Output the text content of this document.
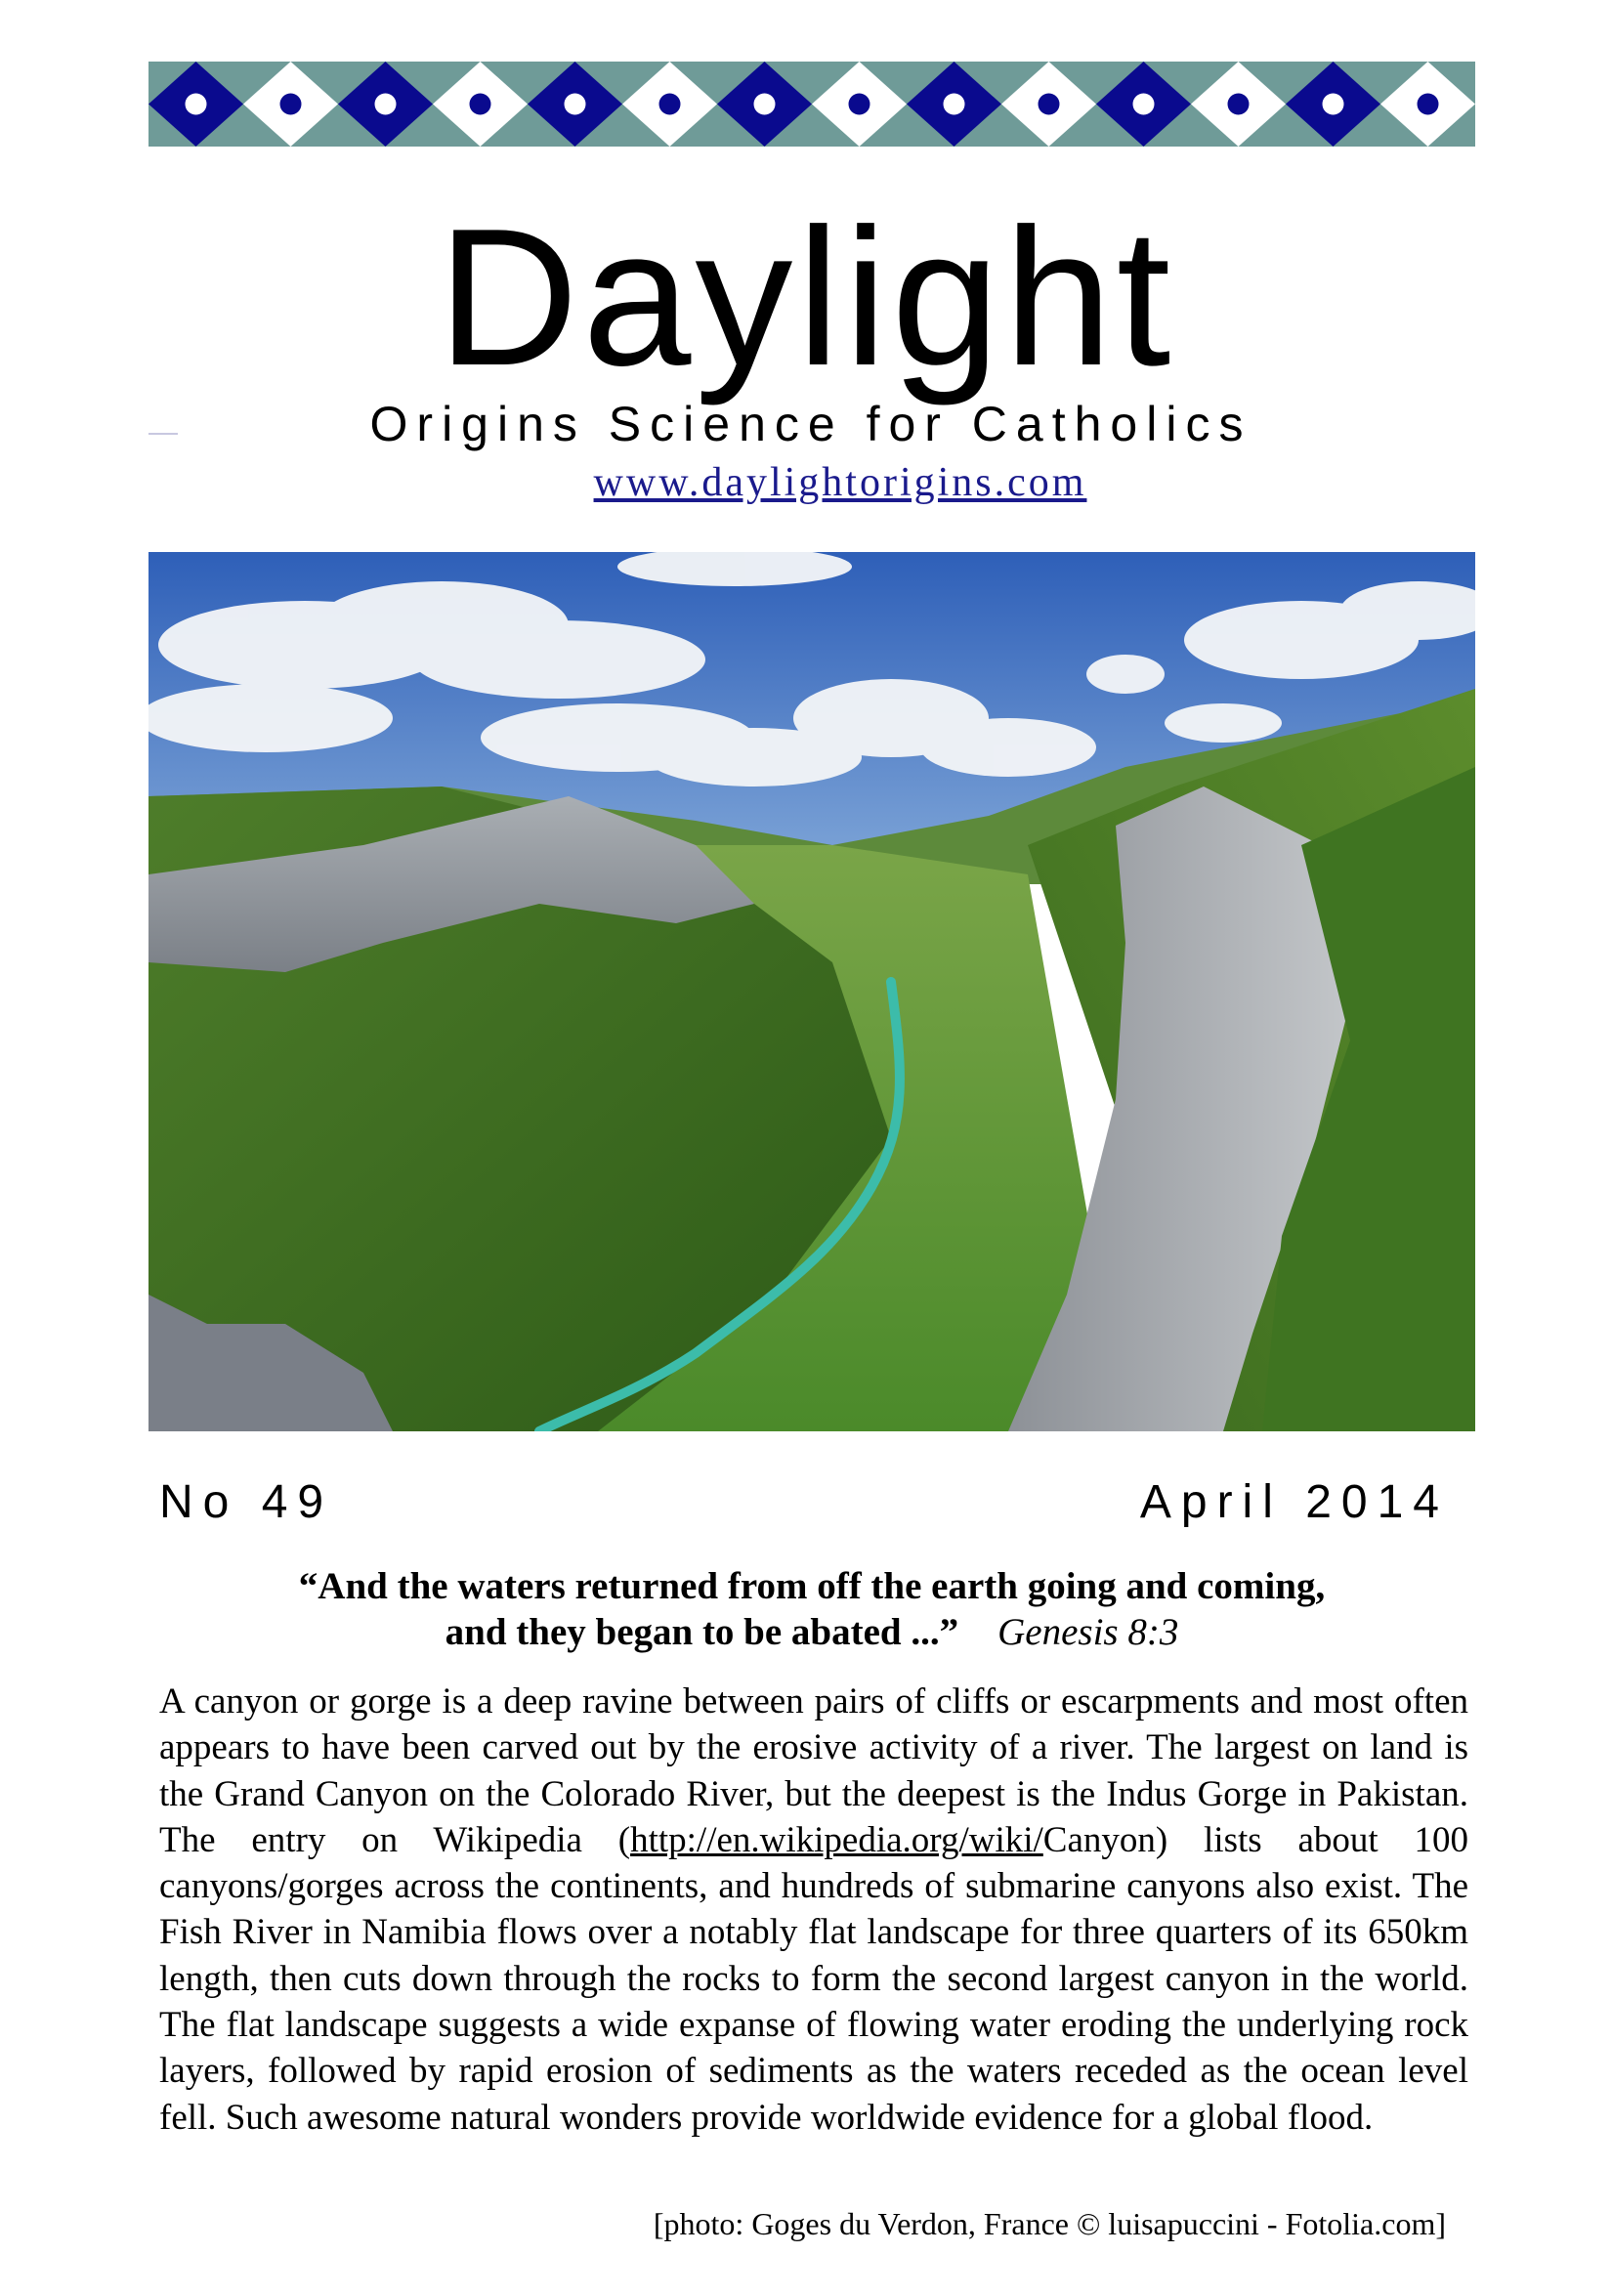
Daylight
Origins Science for Catholics
www.daylightorigins.com
No 49	April 2014
“And the waters returned from off the earth going and coming,
and they began to be abated ...” Genesis 8:3
A canyon or gorge is a deep ravine between pairs of cliffs or escarpments and most often appears to have been carved out by the erosive activity of a river. The largest on land is the Grand Canyon on the Colorado River, but the deepest is the Indus Gorge in Pakistan. The entry on Wikipedia (http://en.wikipedia.org/wiki/Canyon) lists about 100 canyons/gorges across the continents, and hundreds of submarine canyons also exist. The Fish River in Namibia flows over a notably flat landscape for three quarters of its 650km length, then cuts down through the rocks to form the second largest canyon in the world. The flat landscape suggests a wide expanse of flowing water eroding the underlying rock layers, followed by rapid erosion of sediments as the waters receded as the ocean level fell. Such awesome natural wonders provide worldwide evidence for a global flood.
[photo: Goges du Verdon, France © luisapuccini - Fotolia.com]
